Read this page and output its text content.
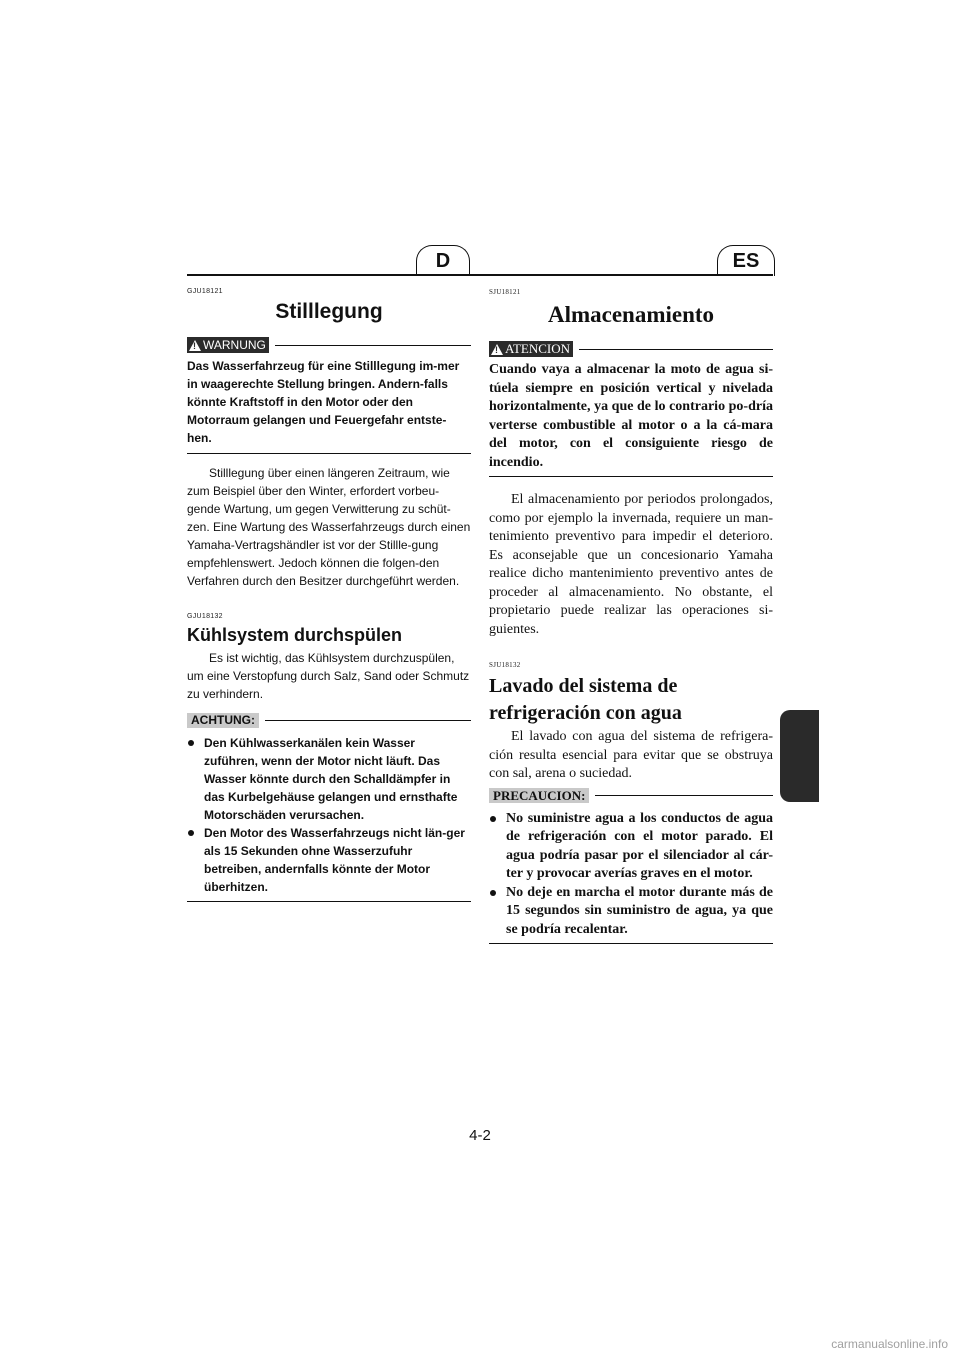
D	ES
GJU18121
Stilllegung
!
WARNUNG

Das Wasserfahrzeug für eine Stilllegung im-mer in waagerechte Stellung bringen. Andern-falls könnte Kraftstoff in den Motor oder den Motorraum gelangen und Feuergefahr entste-hen.

Stilllegung über einen längeren Zeitraum, wie zum Beispiel über den Winter, erfordert vorbeu-gende Wartung, um gegen Verwitterung zu schüt-zen. Eine Wartung des Wasserfahrzeugs durch einen Yamaha-Vertragshändler ist vor der Stillle-gung empfehlenswert. Jedoch können die folgen-den Verfahren durch den Besitzer durchgeführt werden.

GJU18132
Kühlsystem durchspülen

Es ist wichtig, das Kühlsystem durchzuspülen, um eine Verstopfung durch Salz, Sand oder Schmutz zu verhindern.

ACHTUNG:
Den Kühlwasserkanälen kein Wasser zuführen, wenn der Motor nicht läuft. Das Wasser könnte durch den Schalldämpfer in das Kurbelgehäuse gelangen und ernsthafte Motorschäden verursachen.
Den Motor des Wasserfahrzeugs nicht län-ger als 15 Sekunden ohne Wasserzufuhr betreiben, andernfalls könnte der Motor überhitzen.
SJU18121
Almacenamiento
!
ATENCION

Cuando vaya a almacenar la moto de agua si-túela siempre en posición vertical y nivelada horizontalmente, ya que de lo contrario po-dría verterse combustible al motor o a la cá-mara del motor, con el consiguiente riesgo de incendio.

El almacenamiento por periodos prolongados, como por ejemplo la invernada, requiere un man-tenimiento preventivo para impedir el deterioro. Es aconsejable que un concesionario Yamaha realice dicho mantenimiento preventivo antes de proceder al almacenamiento. No obstante, el propietario puede realizar las operaciones si-guientes.

SJU18132
Lavado del sistema de
refrigeración con agua

El lavado con agua del sistema de refrigera-ción resulta esencial para evitar que se obstruya con sal, arena o suciedad.

PRECAUCION:
No suministre agua a los conductos de agua de refrigeración con el motor parado. El agua podría pasar por el silenciador al cár-ter y provocar averías graves en el motor.
No deje en marcha el motor durante más de 15 segundos sin suministro de agua, ya que se podría recalentar.
4-2
carmanualsonline.info
